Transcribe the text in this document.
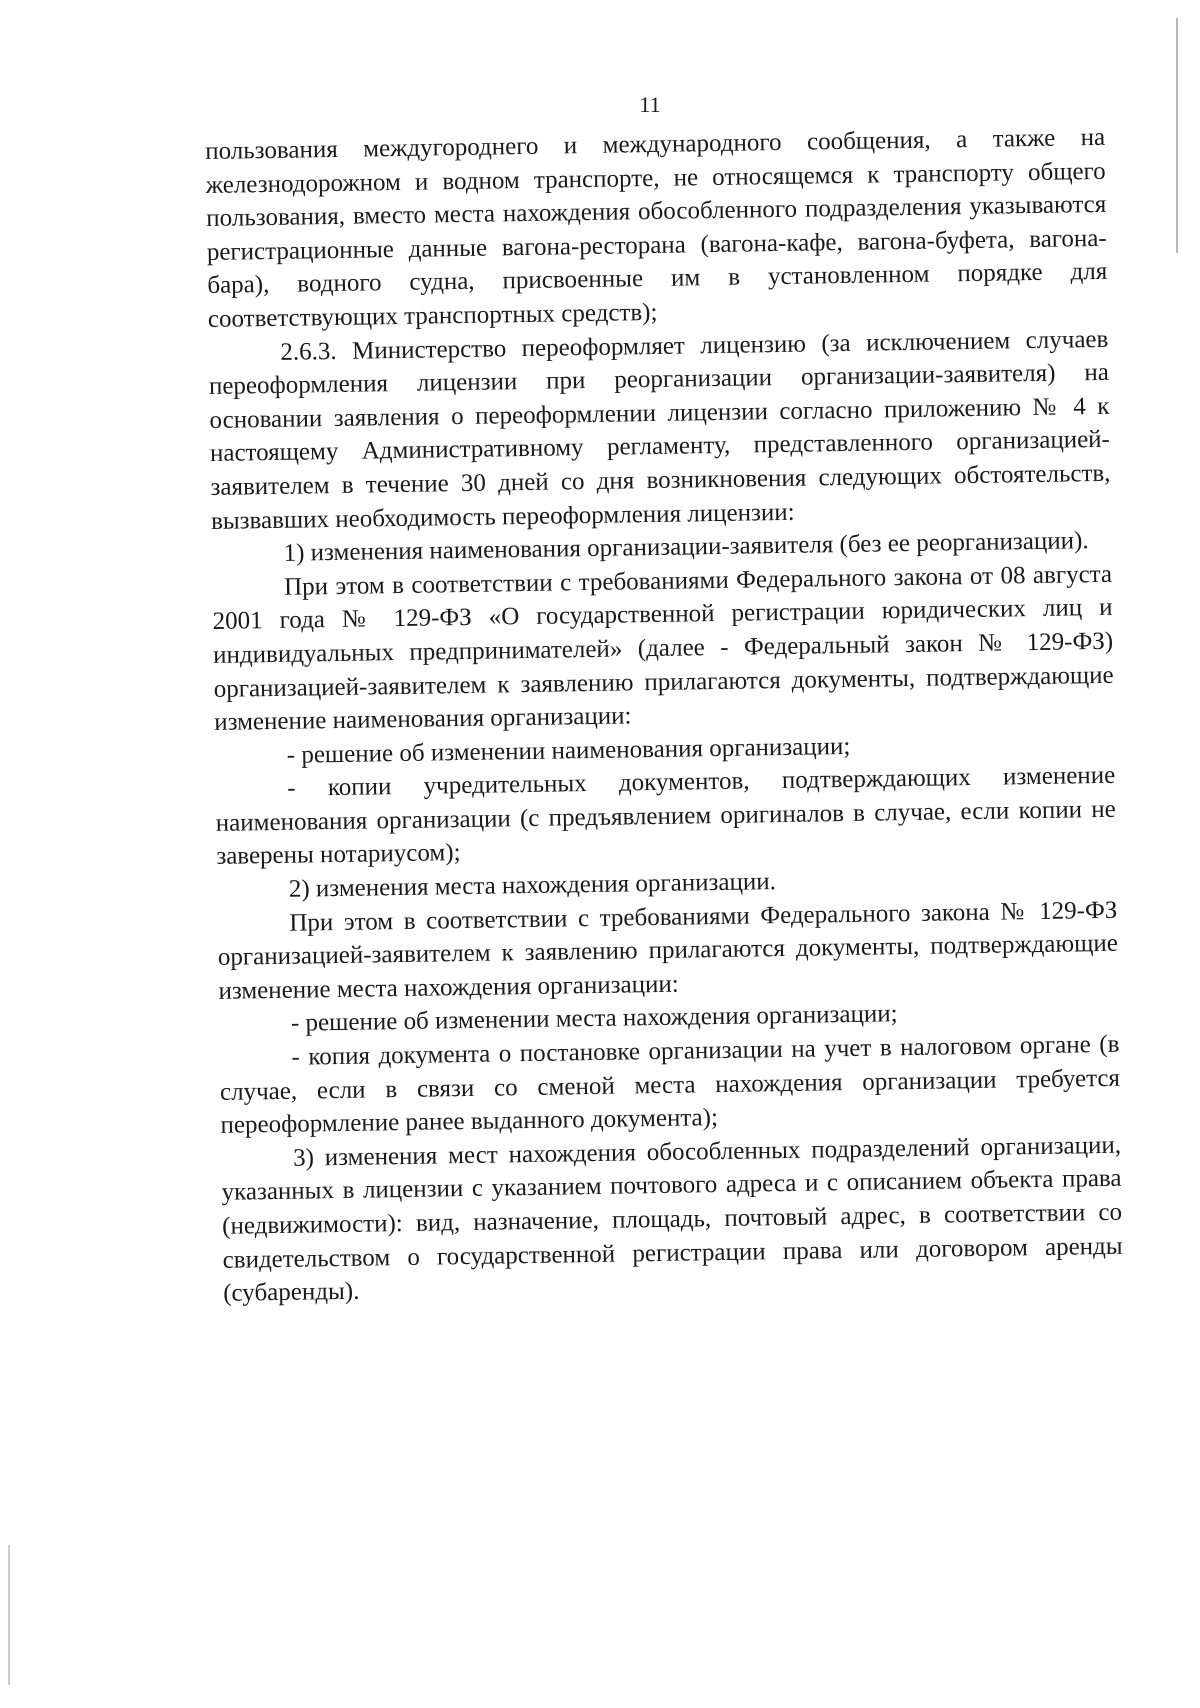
11

пользования междугороднего и международного сообщения, а также на железнодорожном и водном транспорте, не относящемся к транспорту общего пользования, вместо места нахождения обособленного подразделения указываются регистрационные данные вагона-ресторана (вагона-кафе, вагона-буфета, вагона-бара), водного судна, присвоенные им в установленном порядке для соответствующих транспортных средств);

2.6.3. Министерство переоформляет лицензию (за исключением случаев переоформления лицензии при реорганизации организации-заявителя) на основании заявления о переоформлении лицензии согласно приложению № 4 к настоящему Административному регламенту, представленного организацией-заявителем в течение 30 дней со дня возникновения следующих обстоятельств, вызвавших необходимость переоформления лицензии:

1) изменения наименования организации-заявителя (без ее реорганизации).

При этом в соответствии с требованиями Федерального закона от 08 августа 2001 года № 129-ФЗ «О государственной регистрации юридических лиц и индивидуальных предпринимателей» (далее - Федеральный закон № 129-ФЗ) организацией-заявителем к заявлению прилагаются документы, подтверждающие изменение наименования организации:

- решение об изменении наименования организации;

- копии учредительных документов, подтверждающих изменение наименования организации (с предъявлением оригиналов в случае, если копии не заверены нотариусом);

2) изменения места нахождения организации.

При этом в соответствии с требованиями Федерального закона № 129-ФЗ организацией-заявителем к заявлению прилагаются документы, подтверждающие изменение места нахождения организации:

- решение об изменении места нахождения организации;

- копия документа о постановке организации на учет в налоговом органе (в случае, если в связи со сменой места нахождения организации требуется переоформление ранее выданного документа);

3) изменения мест нахождения обособленных подразделений организации, указанных в лицензии с указанием почтового адреса и с описанием объекта права (недвижимости): вид, назначение, площадь, почтовый адрес, в соответствии со свидетельством о государственной регистрации права или договором аренды (субаренды).
